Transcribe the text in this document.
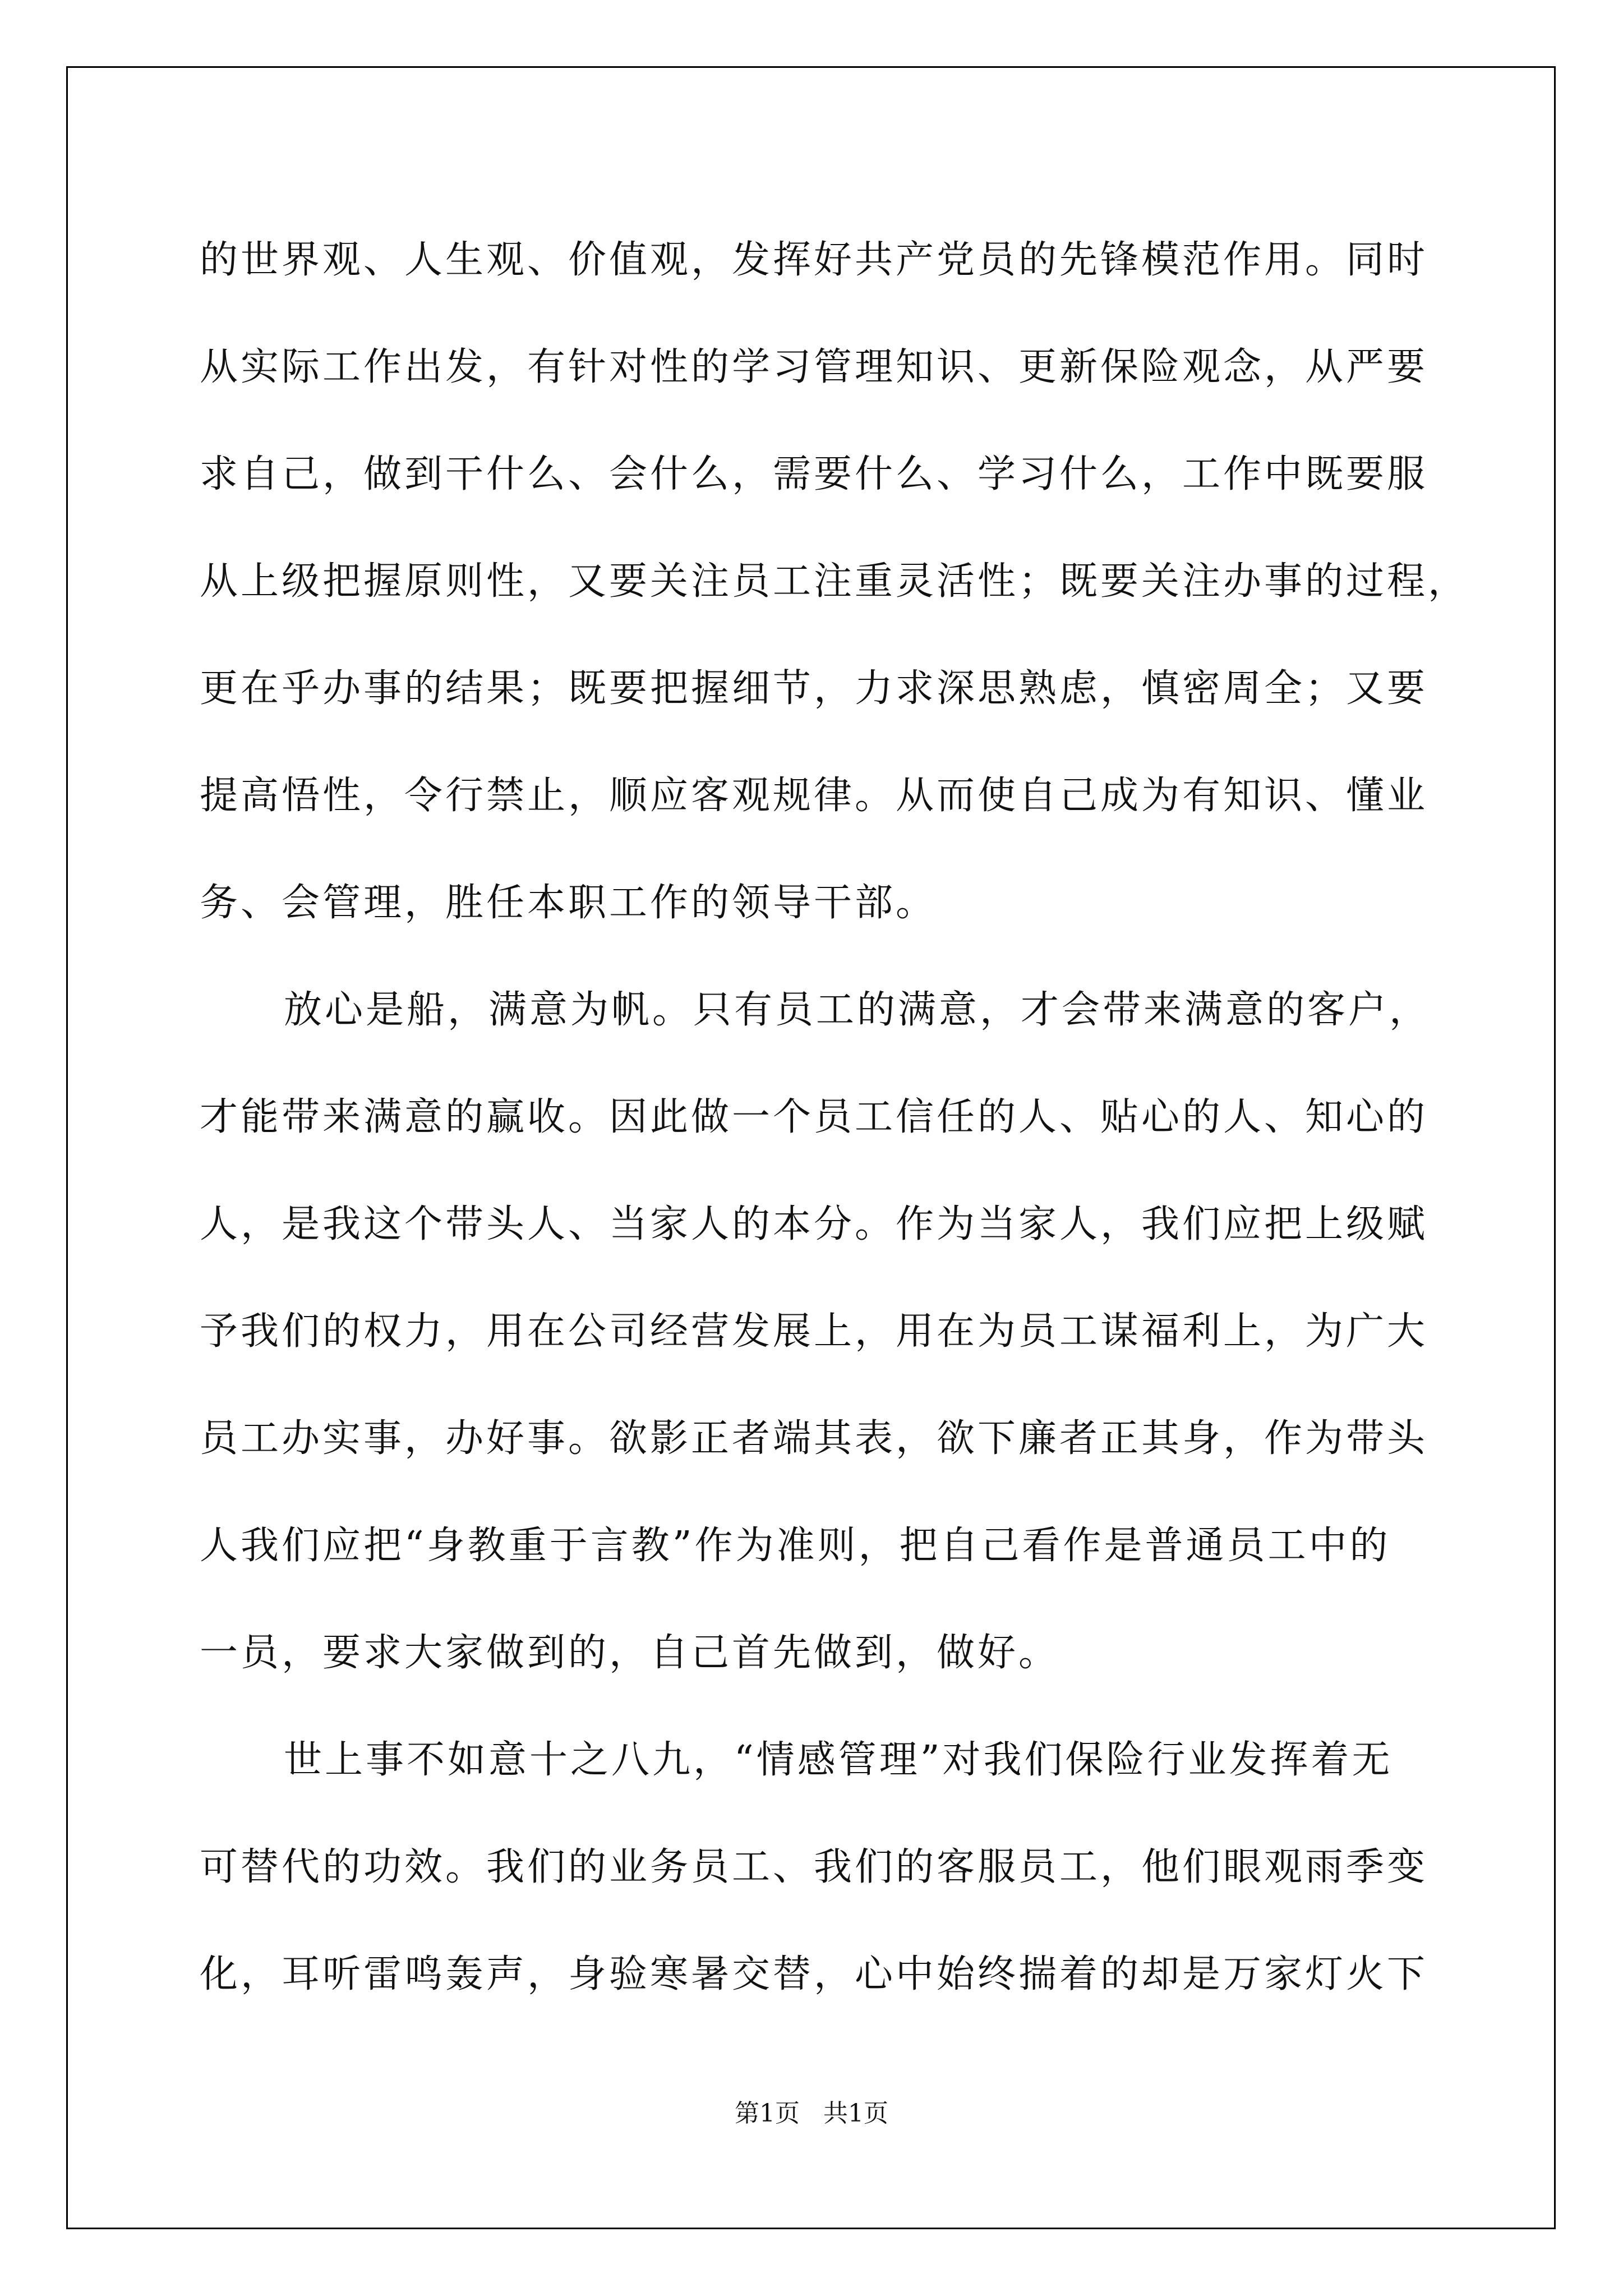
的世界观、人生观、价值观，发挥好共产党员的先锋模范作用。同时
从实际工作出发，有针对性的学习管理知识、更新保险观念，从严要
求自己，做到干什么、会什么，需要什么、学习什么，工作中既要服
从上级把握原则性，又要关注员工注重灵活性；既要关注办事的过程，
更在乎办事的结果；既要把握细节，力求深思熟虑，慎密周全；又要
提高悟性，令行禁止，顺应客观规律。从而使自己成为有知识、懂业
务、会管理，胜任本职工作的领导干部。
放心是船，满意为帆。只有员工的满意，才会带来满意的客户，
才能带来满意的赢收。因此做一个员工信任的人、贴心的人、知心的
人，是我这个带头人、当家人的本分。作为当家人，我们应把上级赋
予我们的权力，用在公司经营发展上，用在为员工谋福利上，为广大
员工办实事，办好事。欲影正者端其表，欲下廉者正其身，作为带头
人我们应把“身教重于言教”作为准则，把自己看作是普通员工中的
一员，要求大家做到的，自己首先做到，做好。
世上事不如意十之八九，“情感管理”对我们保险行业发挥着无
可替代的功效。我们的业务员工、我们的客服员工，他们眼观雨季变
化，耳听雷鸣轰声，身验寒暑交替，心中始终揣着的却是万家灯火下
第1页   共1页
